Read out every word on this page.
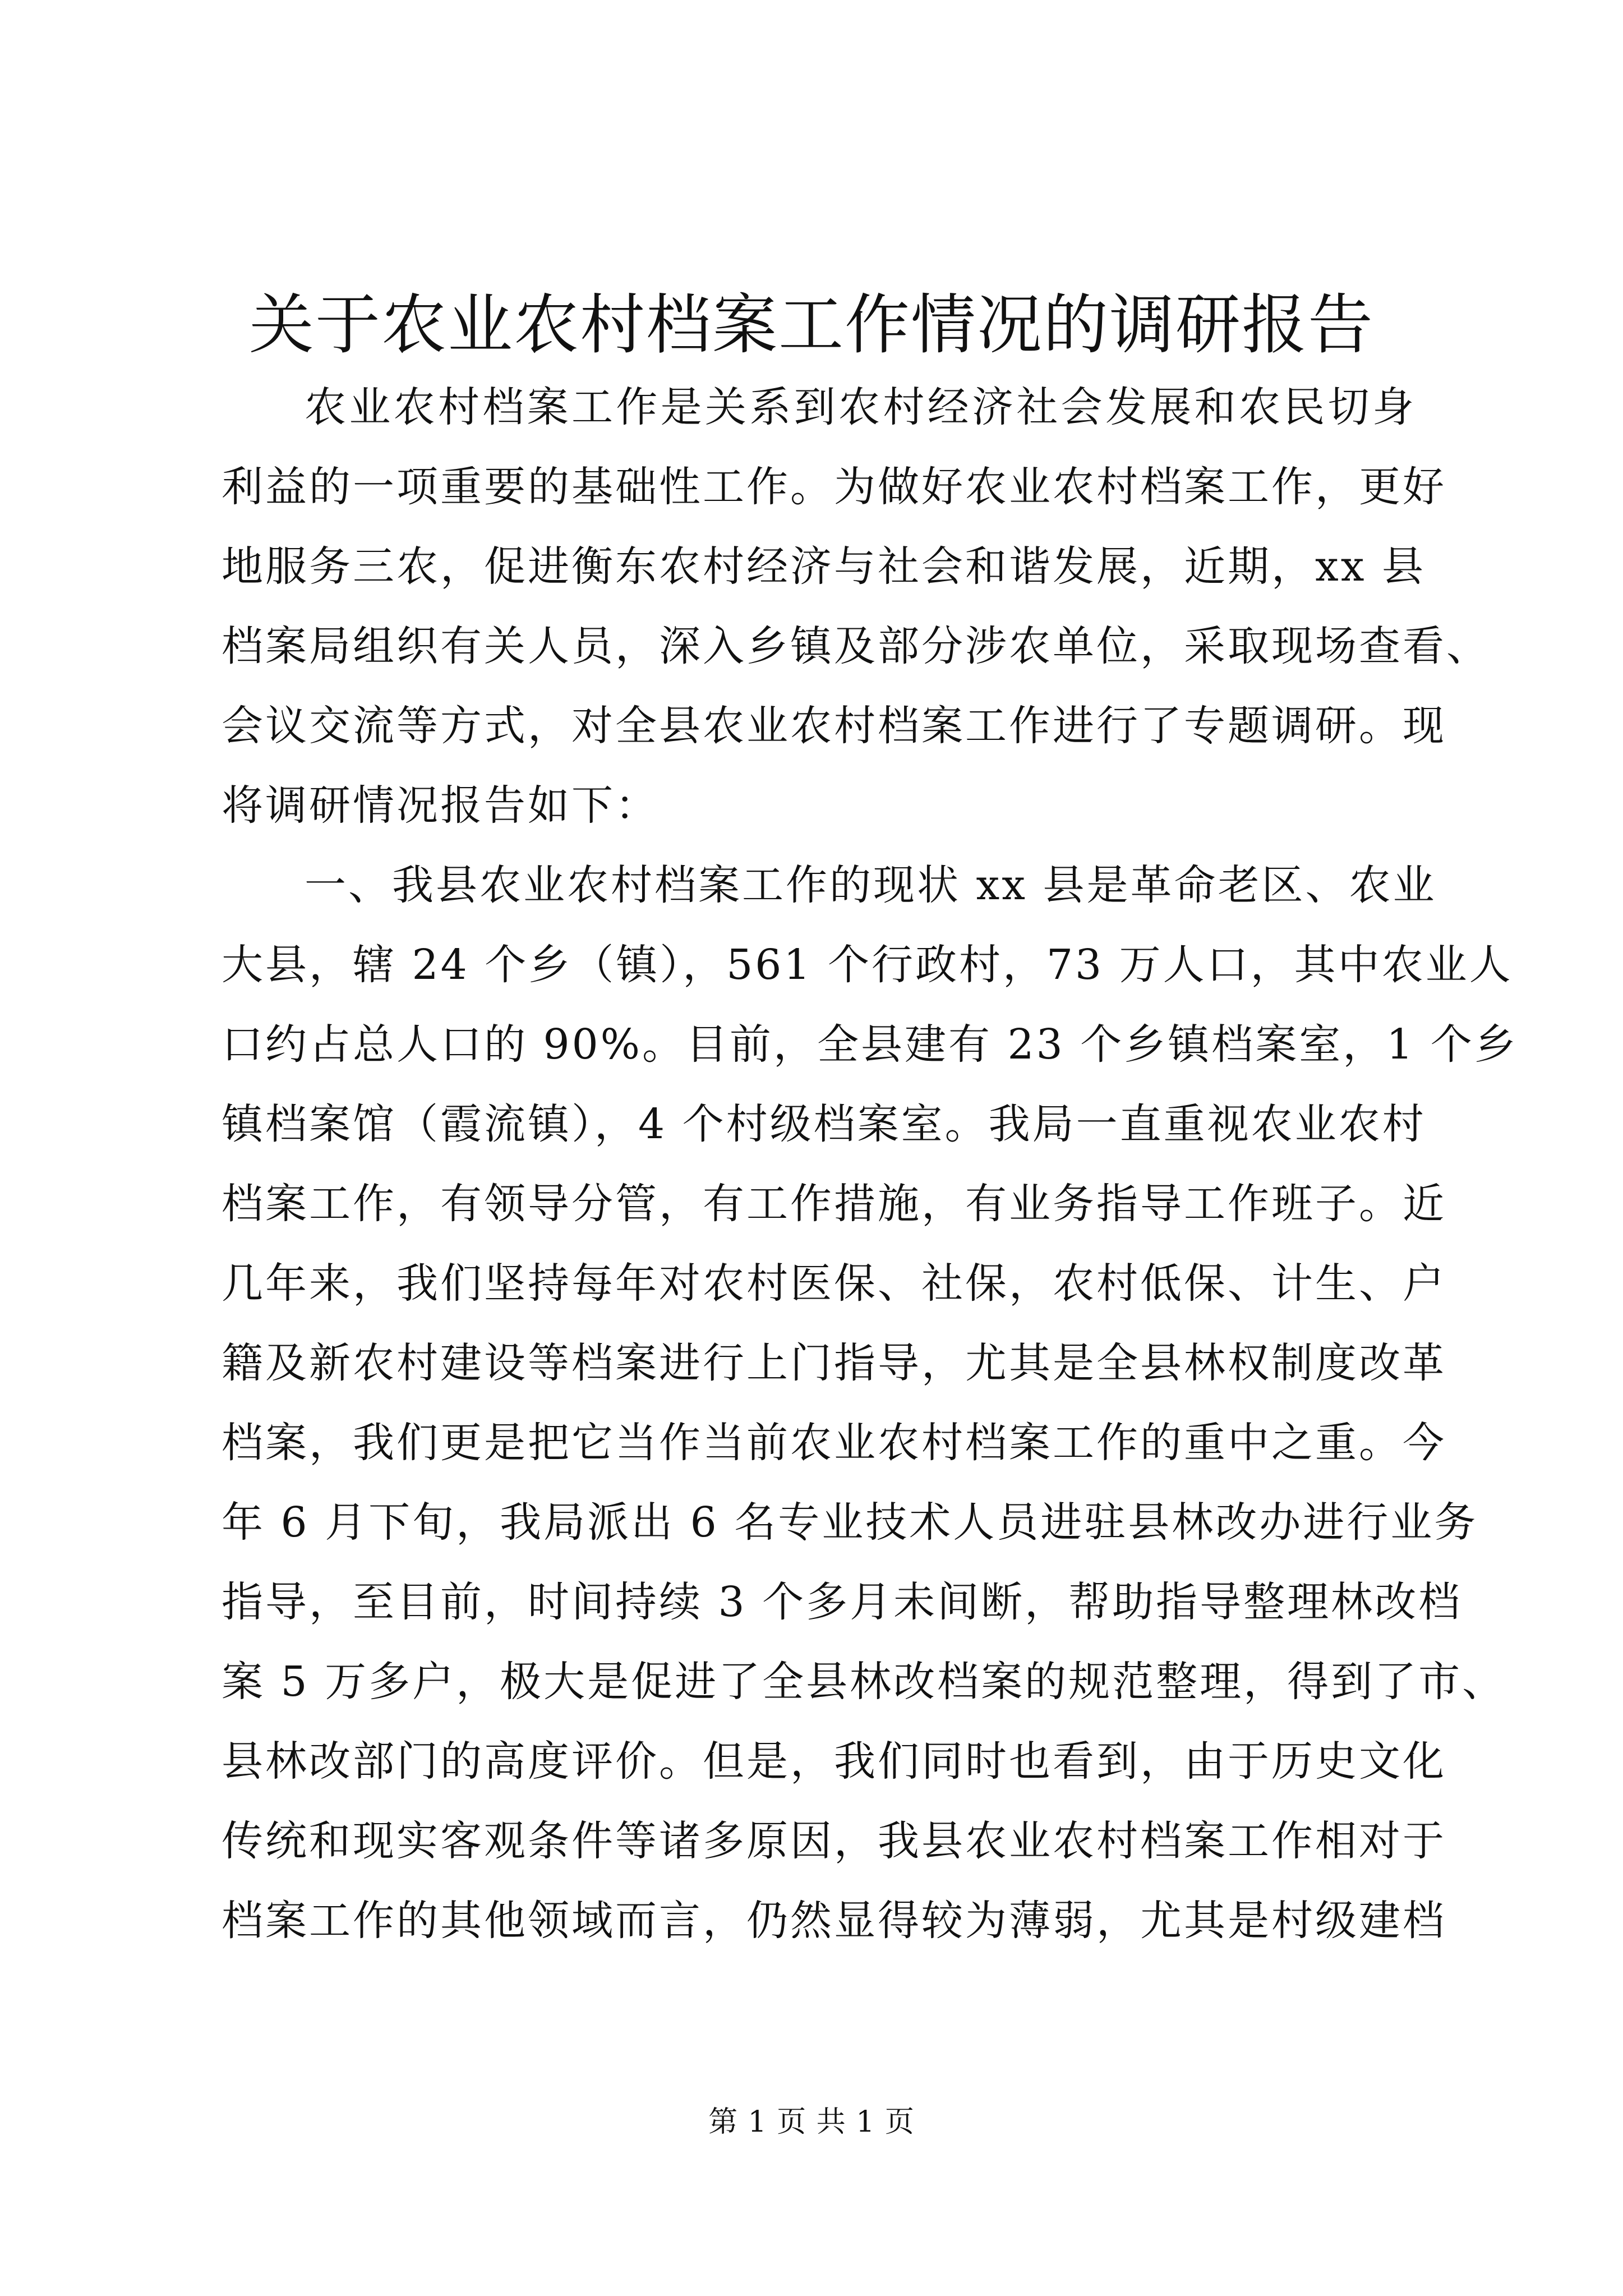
关于农业农村档案工作情况的调研报告
农业农村档案工作是关系到农村经济社会发展和农民切身
利益的一项重要的基础性工作。为做好农业农村档案工作，更好
地服务三农，促进衡东农村经济与社会和谐发展，近期，xx 县
档案局组织有关人员，深入乡镇及部分涉农单位，采取现场查看、
会议交流等方式，对全县农业农村档案工作进行了专题调研。现
将调研情况报告如下：
一、我县农业农村档案工作的现状 xx 县是革命老区、农业
大县，辖 24 个乡（镇），561 个行政村，73 万人口，其中农业人
口约占总人口的 90%。目前，全县建有 23 个乡镇档案室，1 个乡
镇档案馆（霞流镇），4 个村级档案室。我局一直重视农业农村
档案工作，有领导分管，有工作措施，有业务指导工作班子。近
几年来，我们坚持每年对农村医保、社保，农村低保、计生、户
籍及新农村建设等档案进行上门指导，尤其是全县林权制度改革
档案，我们更是把它当作当前农业农村档案工作的重中之重。今
年 6 月下旬，我局派出 6 名专业技术人员进驻县林改办进行业务
指导，至目前，时间持续 3 个多月未间断，帮助指导整理林改档
案 5 万多户，极大是促进了全县林改档案的规范整理，得到了市、
县林改部门的高度评价。但是，我们同时也看到，由于历史文化
传统和现实客观条件等诸多原因，我县农业农村档案工作相对于
档案工作的其他领域而言，仍然显得较为薄弱，尤其是村级建档
第 1 页 共 1 页
